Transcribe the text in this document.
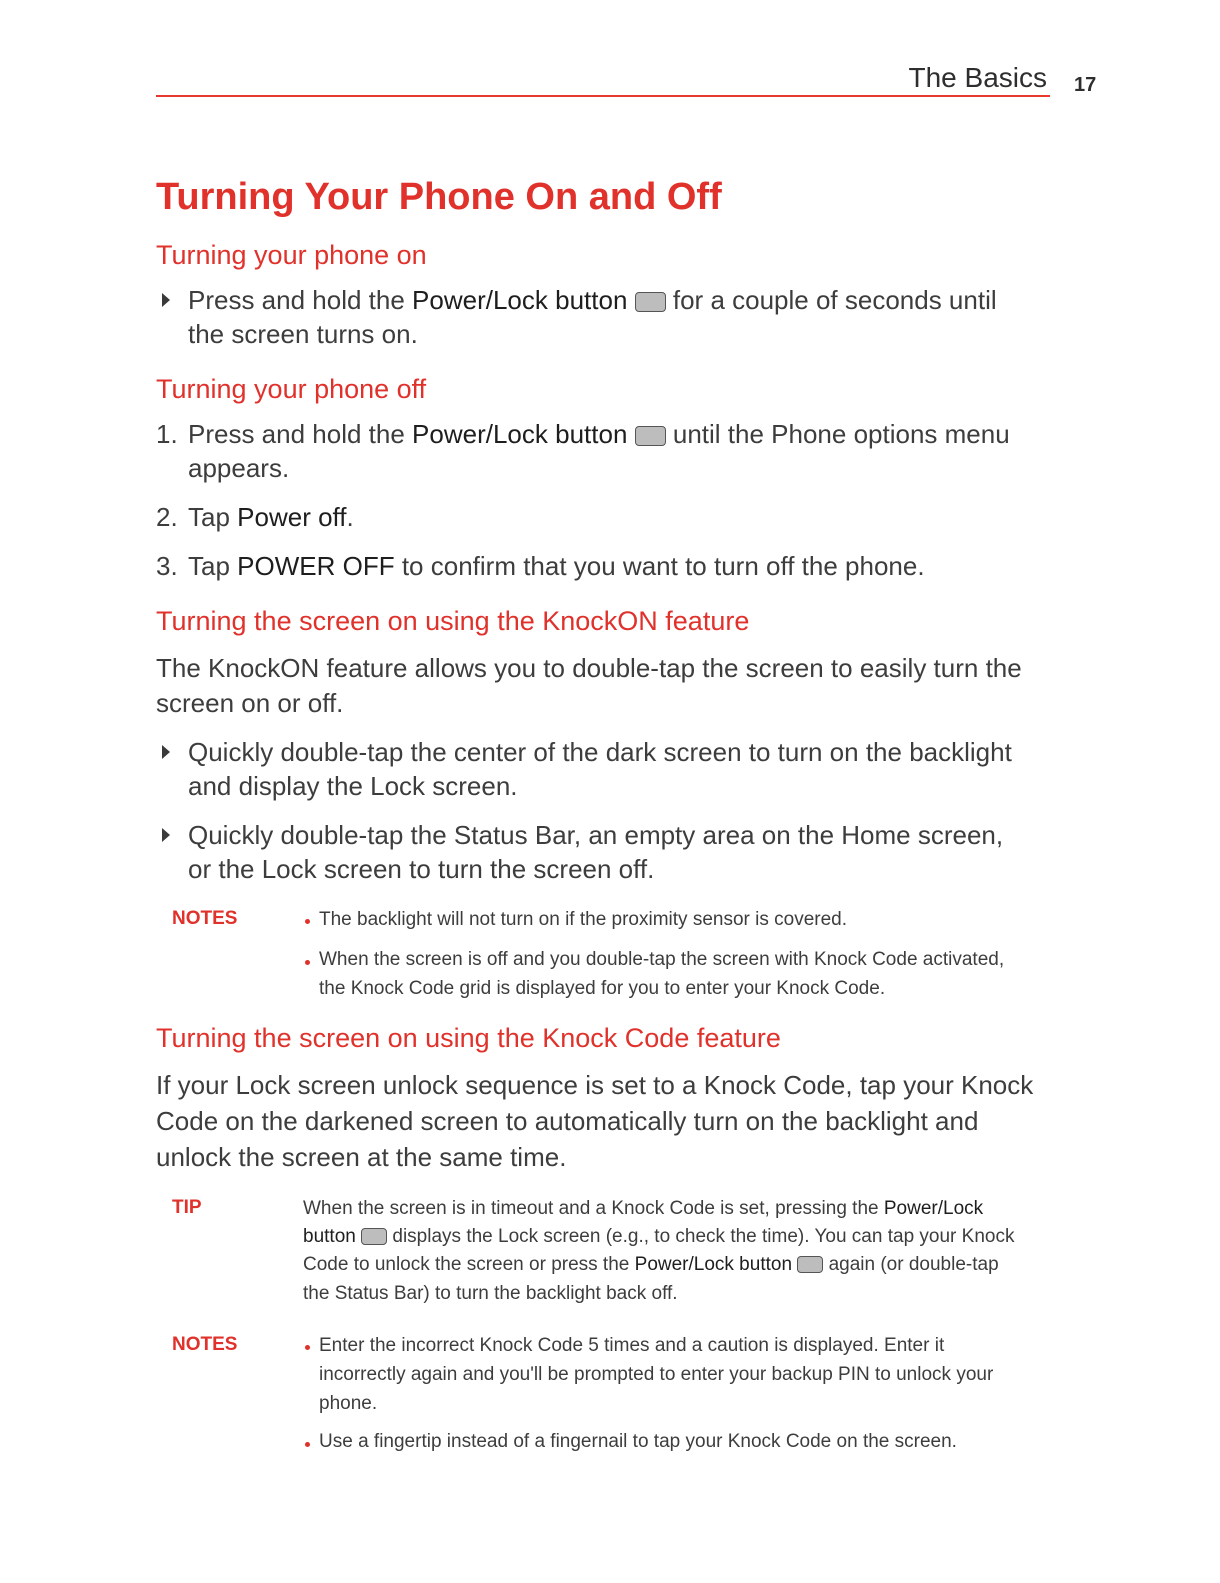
The Basics 17
Turning Your Phone On and Off
Turning your phone on
Press and hold the Power/Lock button for a couple of seconds until
the screen turns on.
Turning your phone off
1. Press and hold the Power/Lock button until the Phone options menu
appears.
2. Tap Power off.
3. Tap POWER OFF to confirm that you want to turn off the phone.
Turning the screen on using the KnockON feature
The KnockON feature allows you to double-tap the screen to easily turn the
screen on or off.
Quickly double-tap the center of the dark screen to turn on the backlight
and display the Lock screen.
Quickly double-tap the Status Bar, an empty area on the Home screen,
or the Lock screen to turn the screen off.
NOTES	The backlight will not turn on if the proximity sensor is covered.
When the screen is off and you double-tap the screen with Knock Code activated,
the Knock Code grid is displayed for you to enter your Knock Code.
Turning the screen on using the Knock Code feature
If your Lock screen unlock sequence is set to a Knock Code, tap your Knock
Code on the darkened screen to automatically turn on the backlight and
unlock the screen at the same time.
TIP	When the screen is in timeout and a Knock Code is set, pressing the Power/Lock
button displays the Lock screen (e.g., to check the time). You can tap your Knock
Code to unlock the screen or press the Power/Lock button again (or double-tap
the Status Bar) to turn the backlight back off.
NOTES	Enter the incorrect Knock Code 5 times and a caution is displayed. Enter it
incorrectly again and you'll be prompted to enter your backup PIN to unlock your
phone.
Use a fingertip instead of a fingernail to tap your Knock Code on the screen.
